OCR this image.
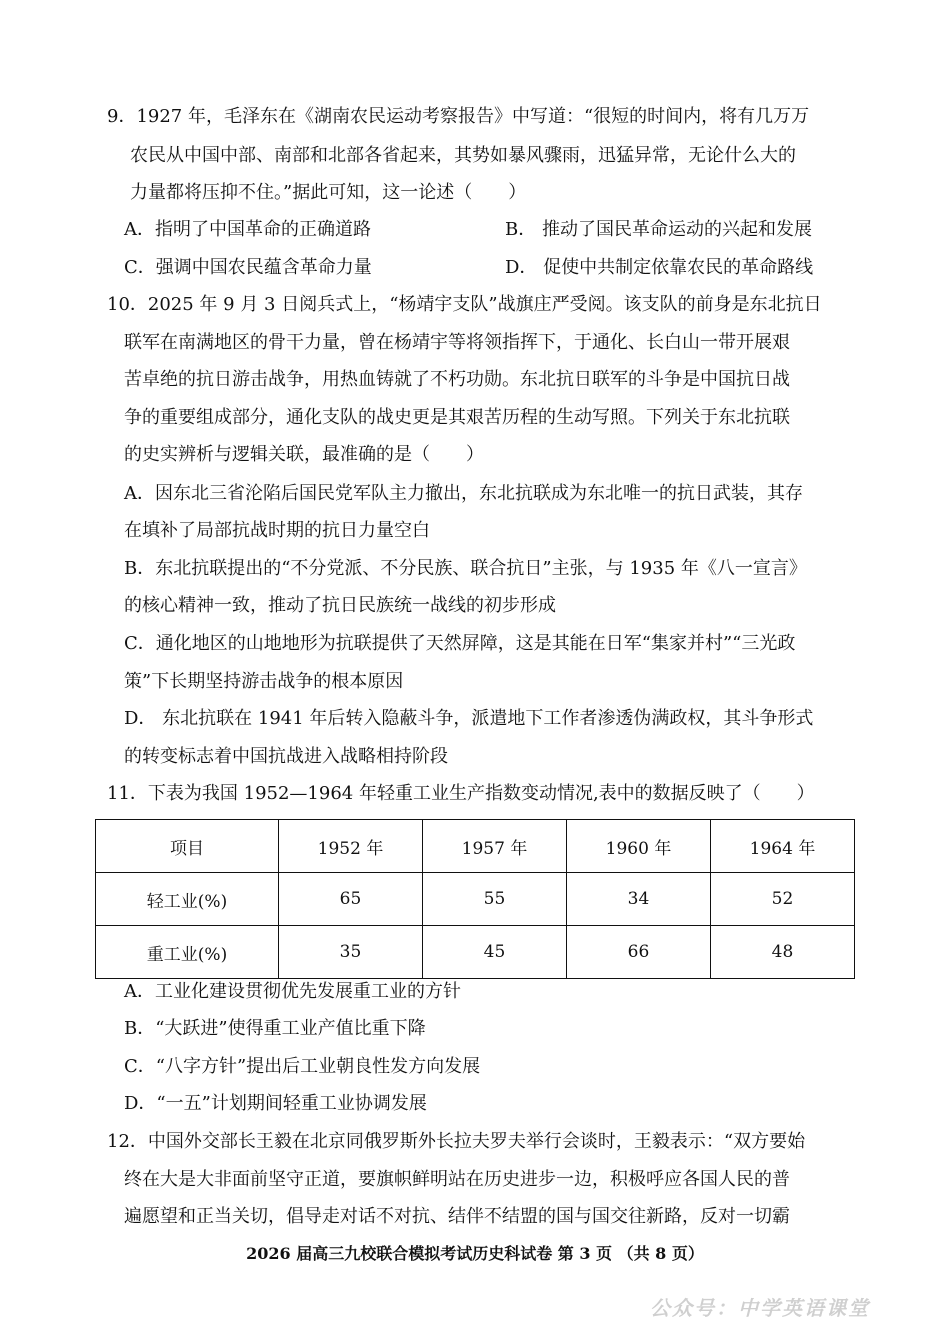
9．1927 年，毛泽东在《湖南农民运动考察报告》中写道：“很短的时间内，将有几万万
农民从中国中部、南部和北部各省起来，其势如暴风骤雨，迅猛异常，无论什么大的
力量都将压抑不住。”据此可知，这一论述（　　）
A．指明了中国革命的正确道路	B． 推动了国民革命运动的兴起和发展
C．强调中国农民蕴含革命力量	D． 促使中共制定依靠农民的革命路线
10．2025 年 9 月 3 日阅兵式上，“杨靖宇支队”战旗庄严受阅。该支队的前身是东北抗日
联军在南满地区的骨干力量，曾在杨靖宇等将领指挥下，于通化、长白山一带开展艰
苦卓绝的抗日游击战争，用热血铸就了不朽功勋。东北抗日联军的斗争是中国抗日战
争的重要组成部分，通化支队的战史更是其艰苦历程的生动写照。下列关于东北抗联
的史实辨析与逻辑关联，最准确的是（　　）
A．因东北三省沦陷后国民党军队主力撤出，东北抗联成为东北唯一的抗日武装，其存
在填补了局部抗战时期的抗日力量空白
B．东北抗联提出的“不分党派、不分民族、联合抗日”主张，与 1935 年《八一宣言》
的核心精神一致，推动了抗日民族统一战线的初步形成
C．通化地区的山地地形为抗联提供了天然屏障，这是其能在日军“集家并村”“三光政
策”下长期坚持游击战争的根本原因
D． 东北抗联在 1941 年后转入隐蔽斗争，派遣地下工作者渗透伪满政权，其斗争形式
的转变标志着中国抗战进入战略相持阶段
11．下表为我国 1952—1964 年轻重工业生产指数变动情况,表中的数据反映了（　　）
项目	1952 年	1957 年	1960 年	1964 年
轻工业(%)	65	55	34	52
重工业(%)	35	45	66	48
A．工业化建设贯彻优先发展重工业的方针
B．“大跃进”使得重工业产值比重下降
C．“八字方针”提出后工业朝良性发方向发展
D．“一五”计划期间轻重工业协调发展
12．中国外交部长王毅在北京同俄罗斯外长拉夫罗夫举行会谈时，王毅表示：“双方要始
终在大是大非面前坚守正道，要旗帜鲜明站在历史进步一边，积极呼应各国人民的普
遍愿望和正当关切，倡导走对话不对抗、结伴不结盟的国与国交往新路，反对一切霸
2026 届高三九校联合模拟考试历史科试卷 第 3 页 （共 8 页）
公众号：中学英语课堂
